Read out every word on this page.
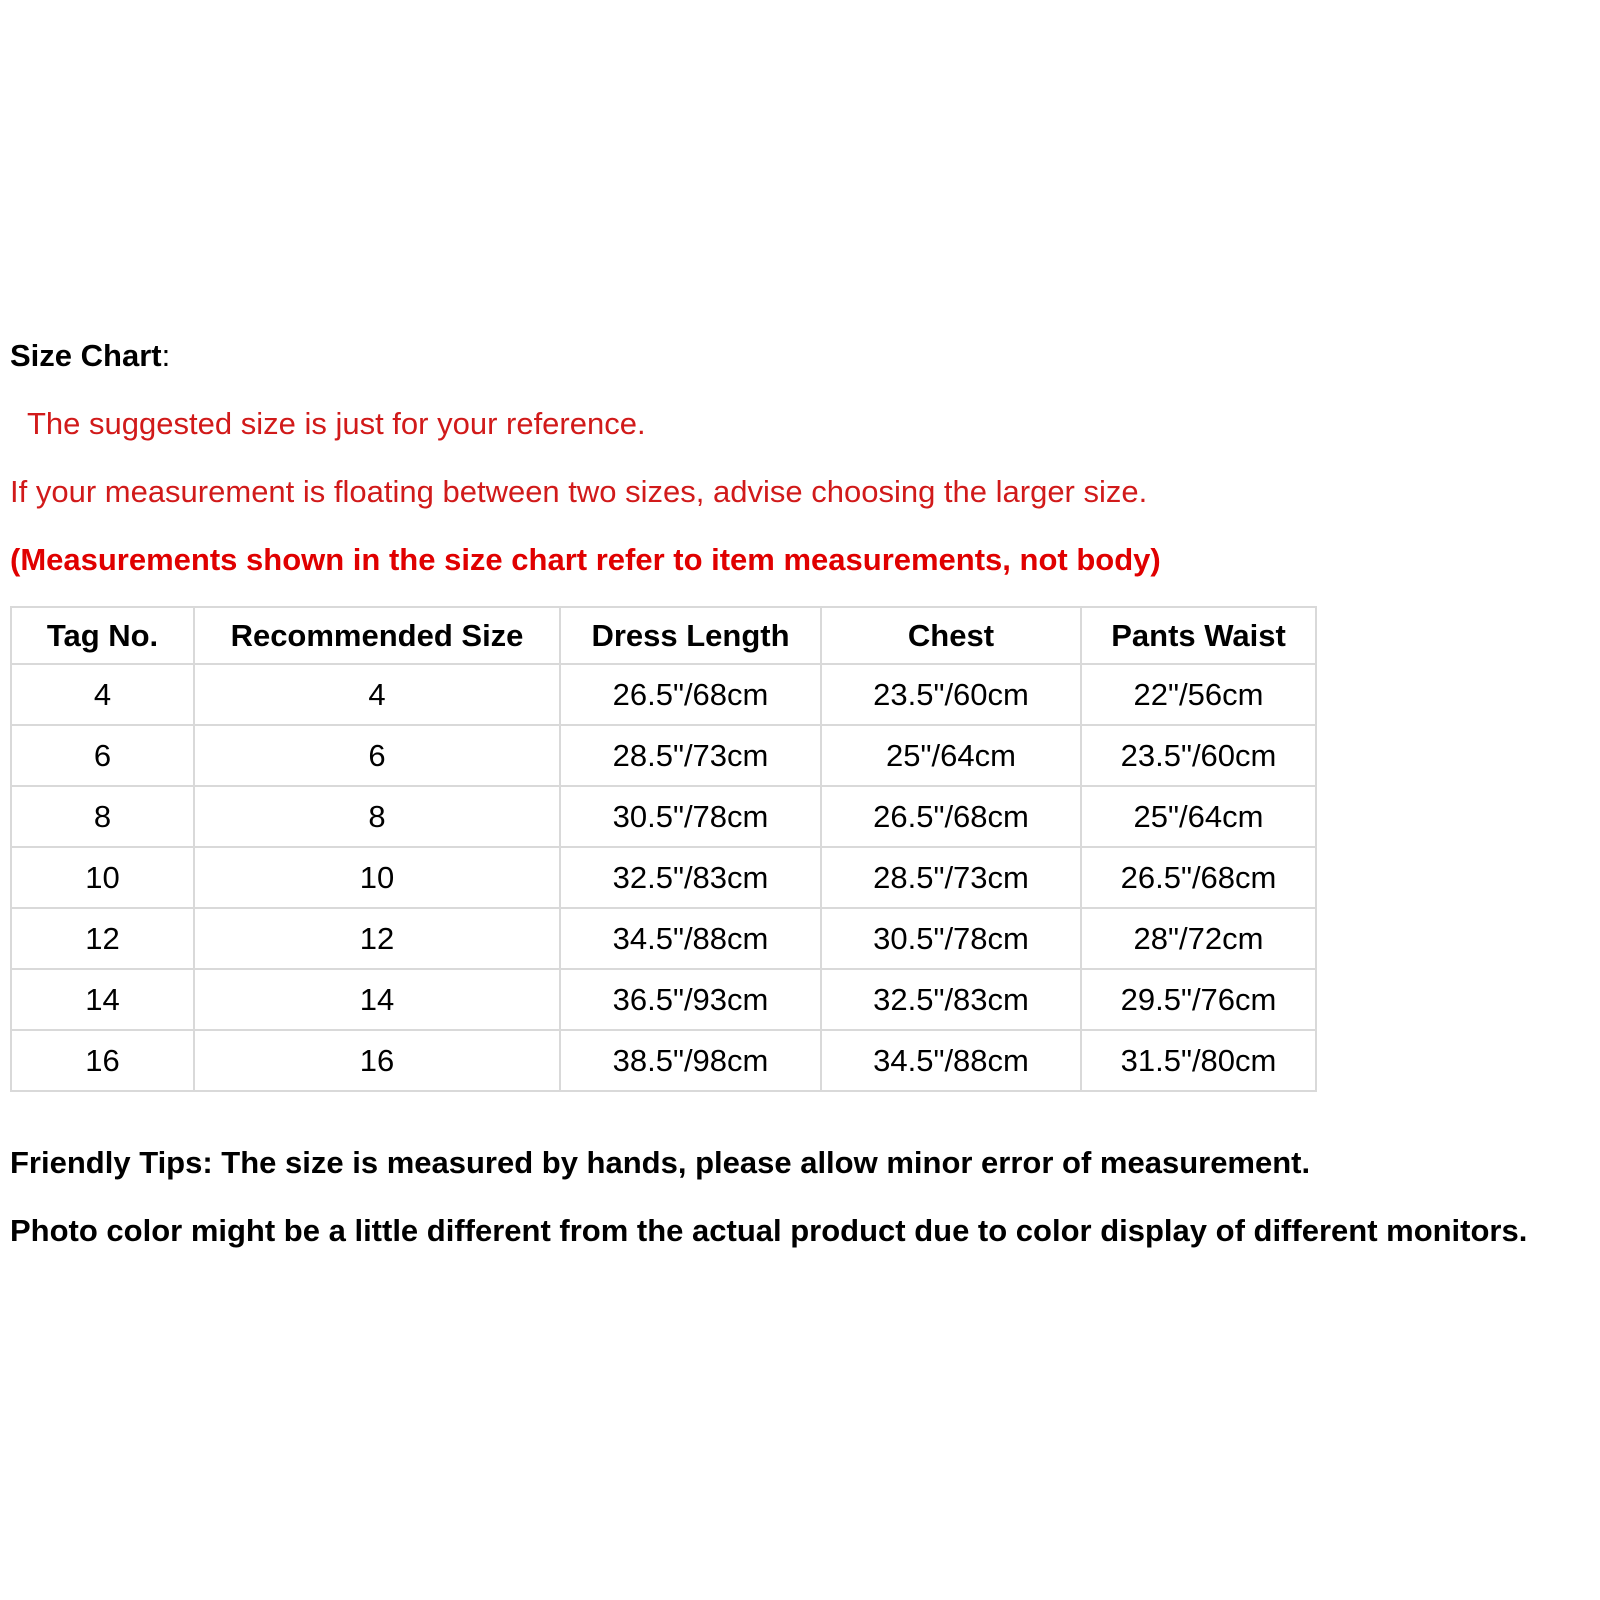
Size Chart:
The suggested size is just for your reference.
If your measurement is floating between two sizes, advise choosing the larger size.
(Measurements shown in the size chart refer to item measurements, not body)
Tag No.	Recommended Size	Dress Length	Chest	Pants Waist
4	4	26.5"/68cm	23.5"/60cm	22"/56cm
6	6	28.5"/73cm	25"/64cm	23.5"/60cm
8	8	30.5"/78cm	26.5"/68cm	25"/64cm
10	10	32.5"/83cm	28.5"/73cm	26.5"/68cm
12	12	34.5"/88cm	30.5"/78cm	28"/72cm
14	14	36.5"/93cm	32.5"/83cm	29.5"/76cm
16	16	38.5"/98cm	34.5"/88cm	31.5"/80cm
Friendly Tips: The size is measured by hands, please allow minor error of measurement.
Photo color might be a little different from the actual product due to color display of different monitors.
